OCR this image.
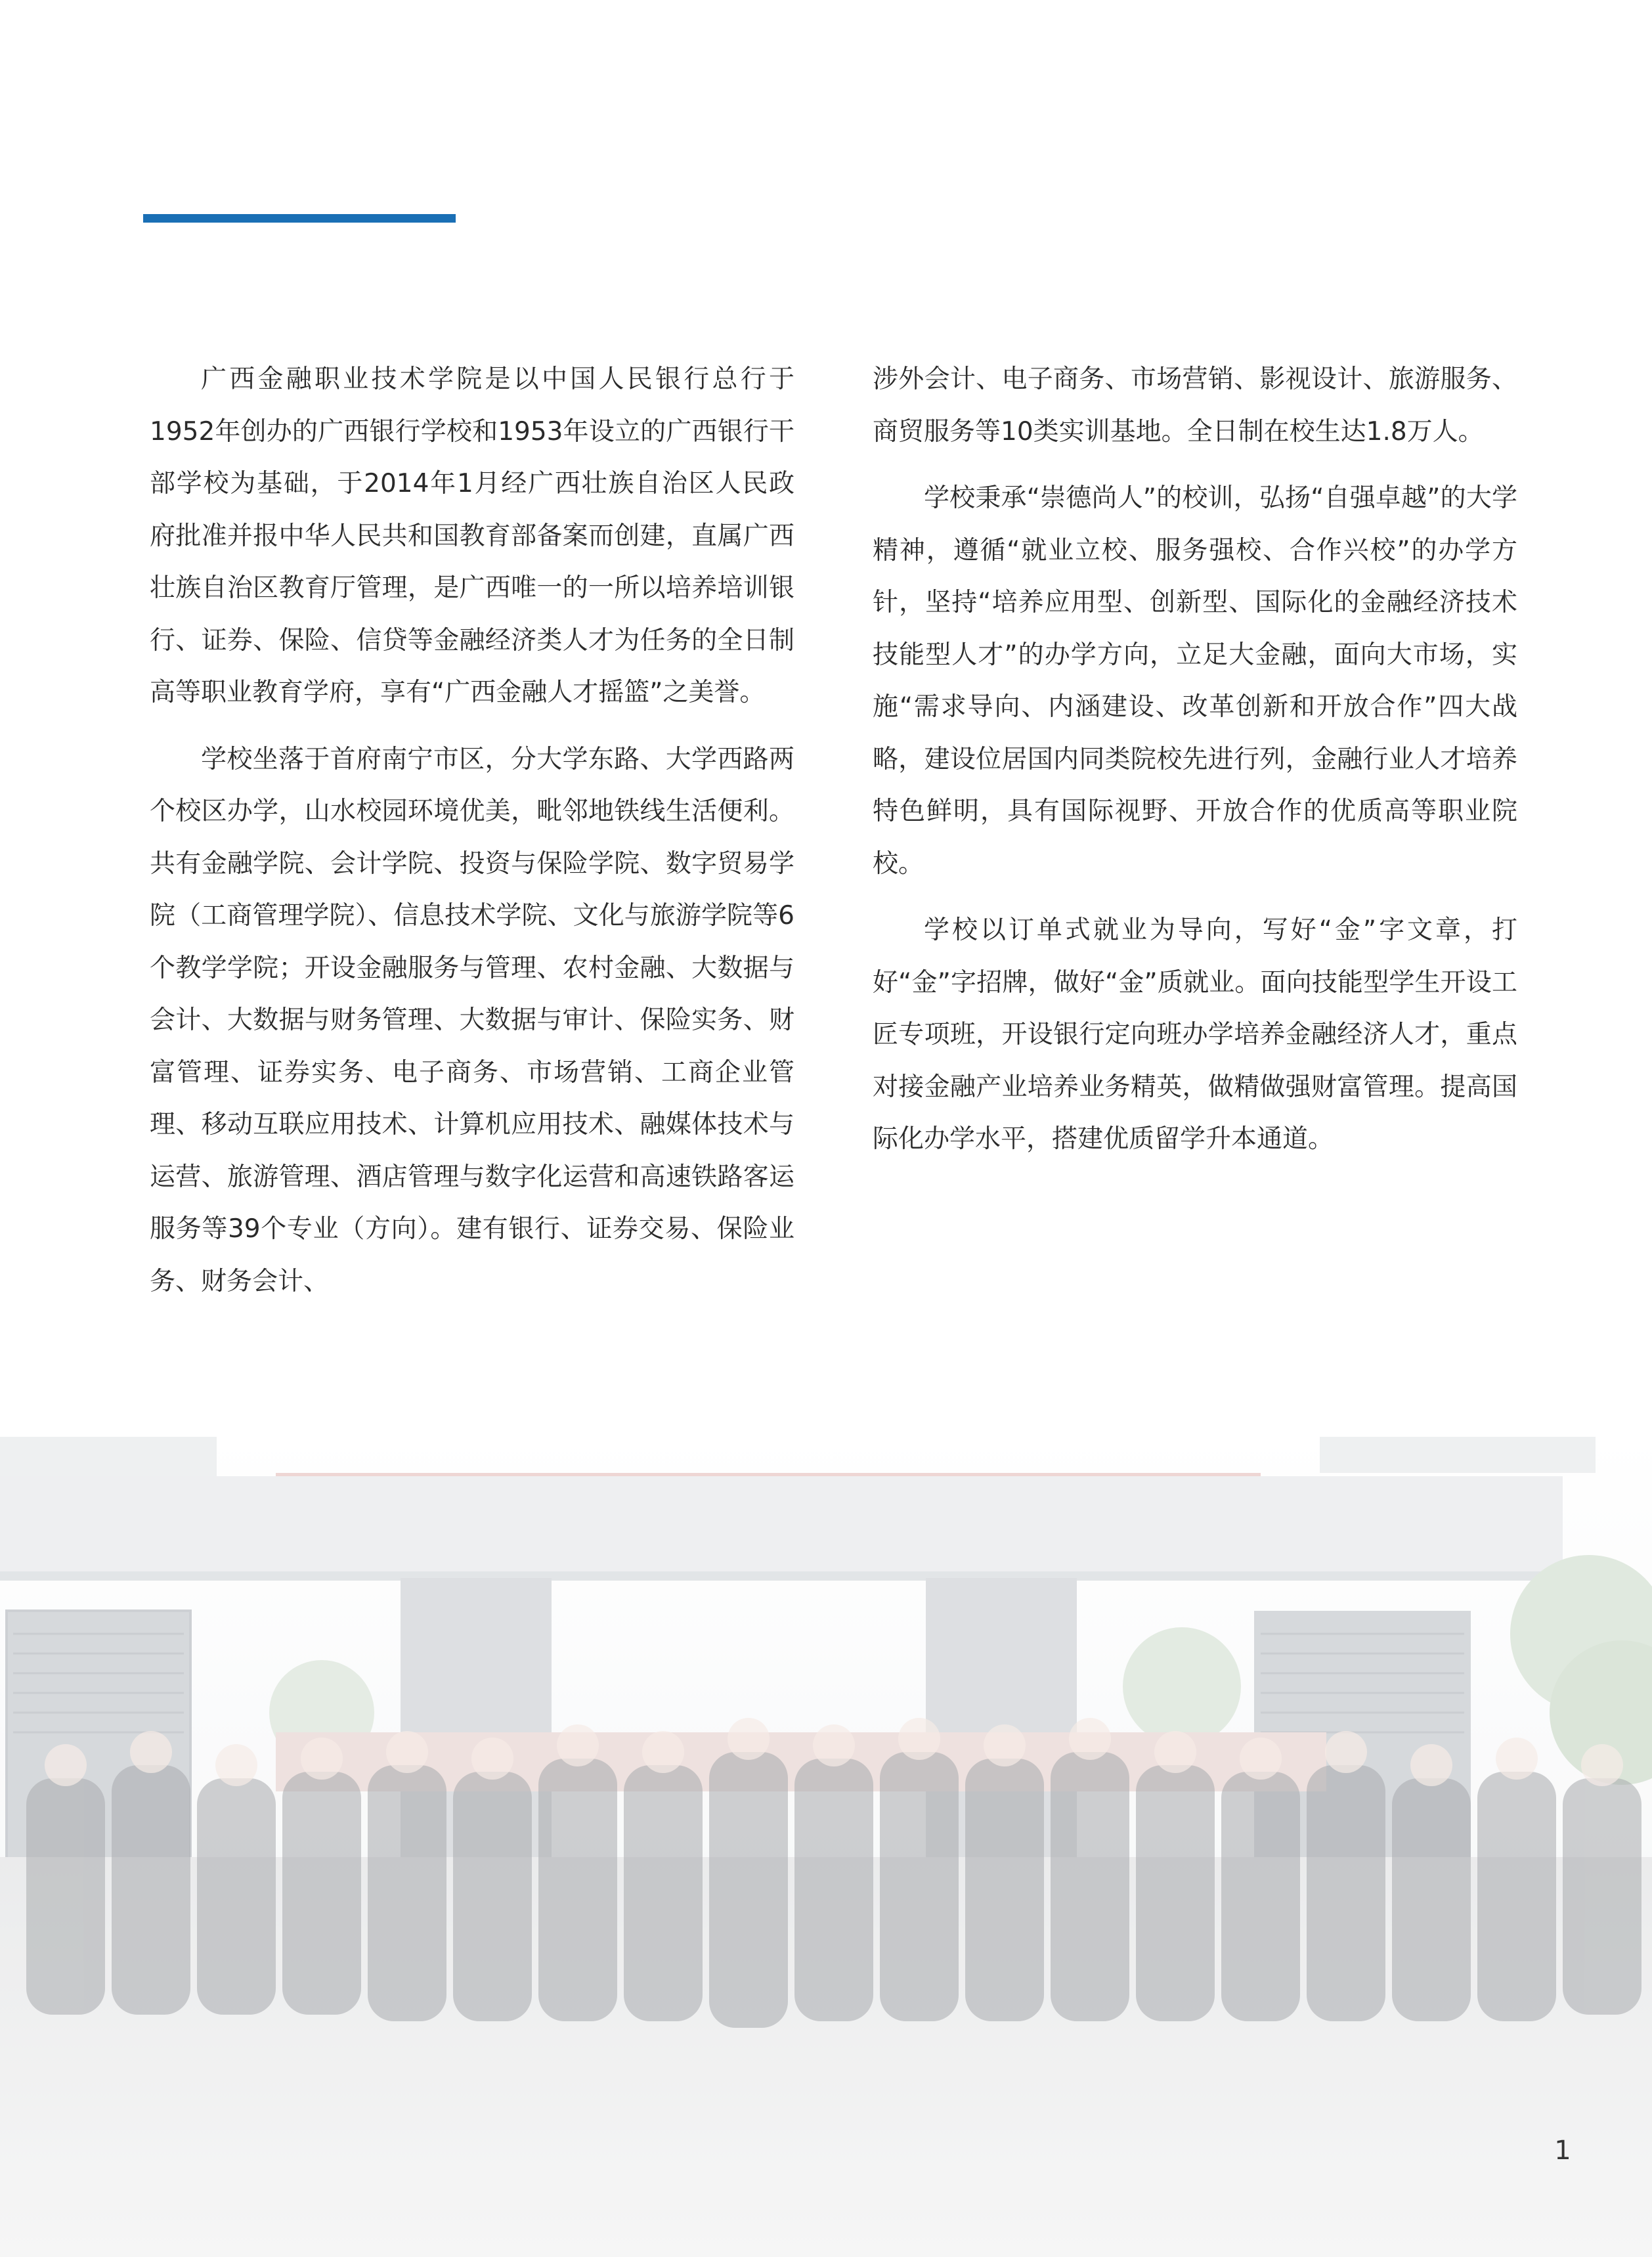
广西金融职业技术学院是以中国人民银行总行于1952年创办的广西银行学校和1953年设立的广西银行干部学校为基础，于2014年1月经广西壮族自治区人民政府批准并报中华人民共和国教育部备案而创建，直属广西壮族自治区教育厅管理，是广西唯一的一所以培养培训银行、证券、保险、信贷等金融经济类人才为任务的全日制高等职业教育学府，享有“广西金融人才摇篮”之美誉。

学校坐落于首府南宁市区，分大学东路、大学西路两个校区办学，山水校园环境优美，毗邻地铁线生活便利。共有金融学院、会计学院、投资与保险学院、数字贸易学院（工商管理学院）、信息技术学院、文化与旅游学院等6个教学学院；开设金融服务与管理、农村金融、大数据与会计、大数据与财务管理、大数据与审计、保险实务、财富管理、证券实务、电子商务、市场营销、工商企业管理、移动互联应用技术、计算机应用技术、融媒体技术与运营、旅游管理、酒店管理与数字化运营和高速铁路客运服务等39个专业（方向）。建有银行、证券交易、保险业务、财务会计、

涉外会计、电子商务、市场营销、影视设计、旅游服务、商贸服务等10类实训基地。全日制在校生达1.8万人。

学校秉承“崇德尚人”的校训，弘扬“自强卓越”的大学精神，遵循“就业立校、服务强校、合作兴校”的办学方针，坚持“培养应用型、创新型、国际化的金融经济技术技能型人才”的办学方向，立足大金融，面向大市场，实施“需求导向、内涵建设、改革创新和开放合作”四大战略，建设位居国内同类院校先进行列，金融行业人才培养特色鲜明，具有国际视野、开放合作的优质高等职业院校。

学校以订单式就业为导向，写好“金”字文章，打好“金”字招牌，做好“金”质就业。面向技能型学生开设工匠专项班，开设银行定向班办学培养金融经济人才，重点对接金融产业培养业务精英，做精做强财富管理。提高国际化办学水平，搭建优质留学升本通道。

1
